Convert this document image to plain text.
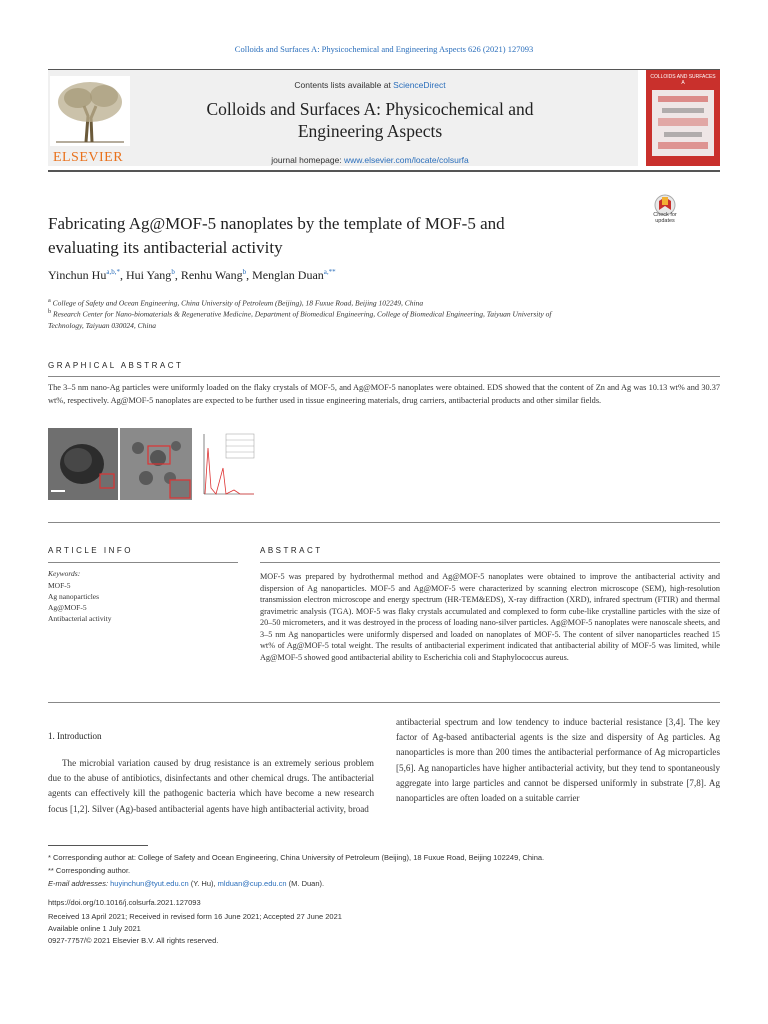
Colloids and Surfaces A: Physicochemical and Engineering Aspects 626 (2021) 127093
ELSEVIER
Contents lists available at ScienceDirect
Colloids and Surfaces A: Physicochemical and
Engineering Aspects
journal homepage: www.elsevier.com/locate/colsurfa
COLLOIDS AND SURFACES A
Fabricating Ag@MOF-5 nanoplates by the template of MOF-5 and
evaluating its antibacterial activity
Check for
updates
Yinchun $Hu^{a,b,*}$, Hui Yang$^b$, Renhu Wang$^b$, Menglan Duan$^{a,**}$
$^a$ College of Safety and Ocean Engineering, China University of Petroleum (Beijing), 18 Fuxue Road, Beijing 102249, China
$^b$ Research Center for Nano-biomaterials & Regenerative Medicine, Department of Biomedical Engineering, College of Biomedical Engineering, Taiyuan University of
Technology, Taiyuan 030024, China
GRAPHICAL ABSTRACT
The 3–5 nm nano-Ag particles were uniformly loaded on the flaky crystals of MOF-5, and Ag@MOF-5 nanoplates were obtained. EDS showed that the content of Zn and Ag was 10.13 wt% and 30.37 wt%, respectively. Ag@MOF-5 nanoplates are expected to be further used in tissue engineering materials, drug carriers, antibacterial products and other similar fields.
ARTICLE INFO
Keywords:
MOF-5
Ag nanoparticles
Ag@MOF-5
Antibacterial activity
ABSTRACT
MOF-5 was prepared by hydrothermal method and Ag@MOF-5 nanoplates were obtained to improve the antibacterial activity and dispersion of Ag nanoparticles. MOF-5 and Ag@MOF-5 were characterized by scanning electron microscope (SEM), high-resolution transmission electron microscope and energy spectrum (HR-TEM&EDS), X-ray diffraction (XRD), infrared spectrum (FTIR) and thermal gravimetric analysis (TGA). MOF-5 was flaky crystals accumulated and complexed to form cube-like crystalline particles with the size of 20–50 micrometers, and it was destroyed in the process of loading nano-silver particles. Ag@MOF-5 nanoplates were nanoscale sheets, and 3–5 nm Ag nanoparticles were uniformly dispersed and loaded on nanoplates of MOF-5. The content of silver nanoparticles reached 15 wt% of Ag@MOF-5 total weight. The results of antibacterial experiment indicated that antibacterial ability of MOF-5 was limited, while Ag@MOF-5 showed good antibacterial ability to Escherichia coli and Staphylococcus aureus.
1. Introduction
The microbial variation caused by drug resistance is an extremely serious problem due to the abuse of antibiotics, disinfectants and other chemical drugs. The antibacterial agents can effectively kill the pathogenic bacteria which have become a new research focus [1,2]. Silver (Ag)-based antibacterial agents have high antibacterial activity, broad
antibacterial spectrum and low tendency to induce bacterial resistance [3,4]. The key factor of Ag-based antibacterial agents is the size and dispersity of Ag particles. Ag nanoparticles is more than 200 times the antibacterial performance of Ag microparticles [5,6]. Ag nanoparticles have higher antibacterial activity, but they tend to spontaneously aggregate into large particles and cannot be dispersed uniformly in substrate [7,8]. Ag nanoparticles are often loaded on a suitable carrier
* Corresponding author at: College of Safety and Ocean Engineering, China University of Petroleum (Beijing), 18 Fuxue Road, Beijing 102249, China.
** Corresponding author.
E-mail addresses: huyinchun@tyut.edu.cn (Y. Hu), mlduan@cup.edu.cn (M. Duan).
https://doi.org/10.1016/j.colsurfa.2021.127093
Received 13 April 2021; Received in revised form 16 June 2021; Accepted 27 June 2021
Available online 1 July 2021
0927-7757/© 2021 Elsevier B.V. All rights reserved.
